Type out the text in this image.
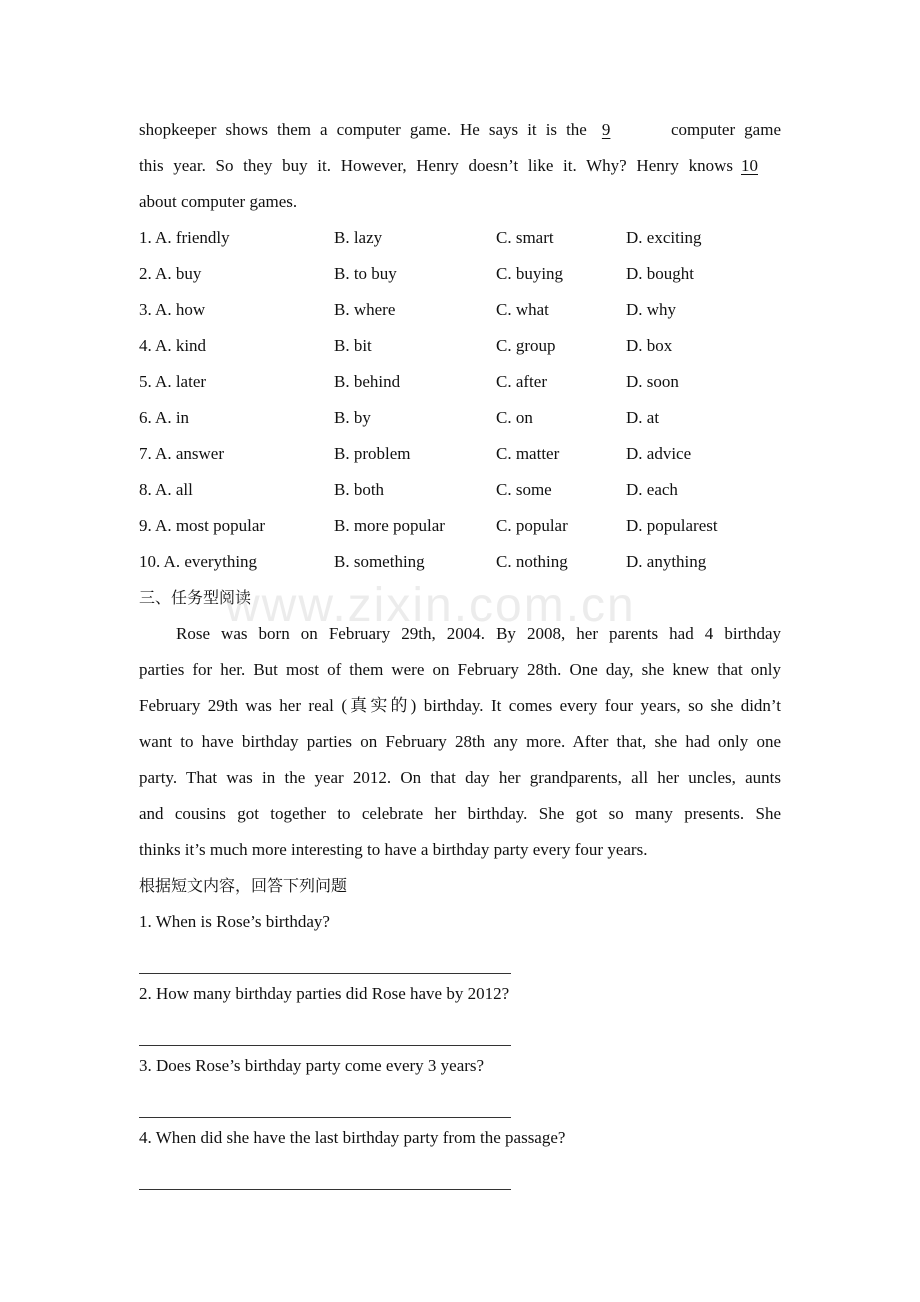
shopkeeper shows them a computer game. He says it is the 9	computer game
this year. So they buy it. However, Henry doesn’t like it. Why? Henry knows 10
about computer games.
1. A. friendly	B. lazy	C. smart	D. exciting
2. A. buy	B. to buy	C. buying	D. bought
3. A. how	B. where	C. what	D. why
4. A. kind	B. bit	C. group	D. box
5. A. later	B. behind	C. after	D. soon
6. A. in	B. by	C. on	D. at
7. A. answer	B. problem	C. matter	D. advice
8. A. all	B. both	C. some	D. each
9. A. most popular	B. more popular	C. popular	D. popularest
10. A. everything	B. something	C. nothing	D. anything
三、任务型阅读
Rose was born on February 29th, 2004. By 2008, her parents had 4 birthday
parties for her. But most of them were on February 28th. One day, she knew that only
February 29th was her real (真实的) birthday. It comes every four years, so she didn’t
want to have birthday parties on February 28th any more. After that, she had only one
party. That was in the year 2012. On that day her grandparents, all her uncles, aunts
and cousins got together to celebrate her birthday. She got so many presents. She
thinks it’s much more interesting to have a birthday party every four years.
根据短文内容，回答下列问题
1. When is Rose’s birthday?
2. How many birthday parties did Rose have by 2012?
3. Does Rose’s birthday party come every 3 years?
4. When did she have the last birthday party from the passage?
www.zixin.com.cn
